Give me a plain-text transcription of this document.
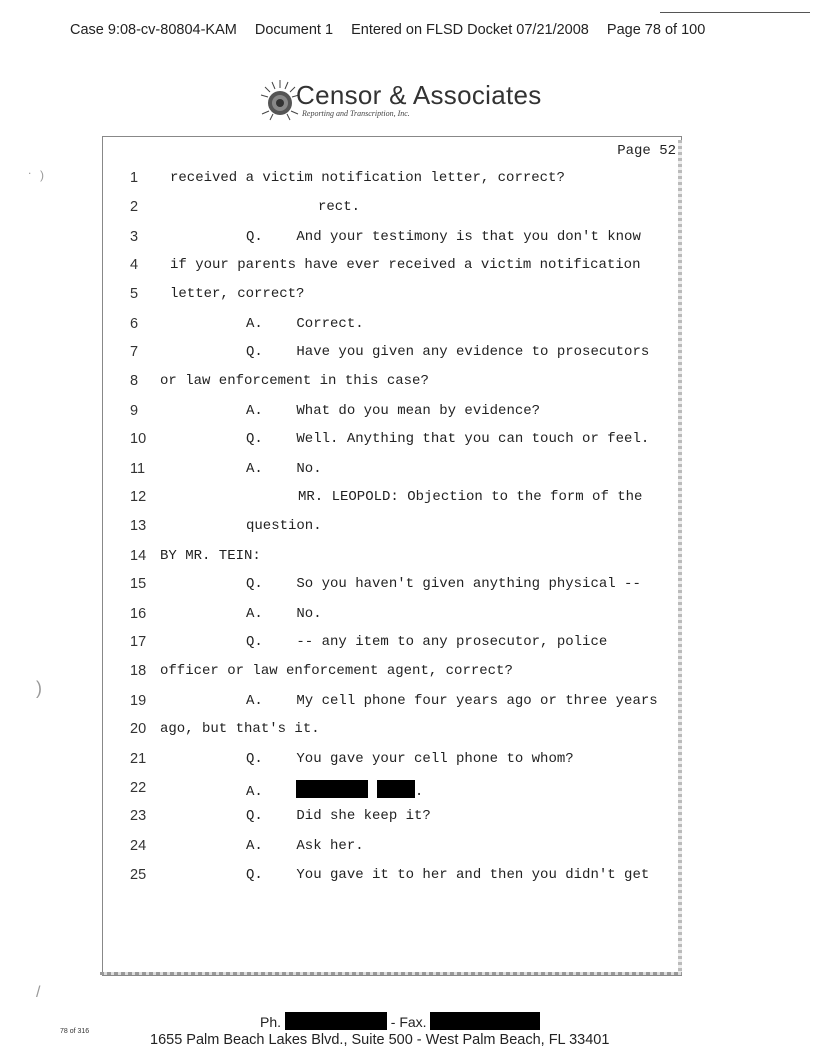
Case 9:08-cv-80804-KAM Document 1 Entered on FLSD Docket 07/21/2008 Page 78 of 100
Censor & Associates
Reporting and Transcription, Inc.
. )
)
/
Page 52
1	received a victim notification letter, correct?
2	rect.
3	Q.    And your testimony is that you don't know
4	if your parents have ever received a victim notification
5	letter, correct?
6	A.    Correct.
7	Q.    Have you given any evidence to prosecutors
8	or law enforcement in this case?
9	A.    What do you mean by evidence?
10	Q.    Well. Anything that you can touch or feel.
11	A.    No.
12	MR. LEOPOLD: Objection to the form of the
13	question.
14 BY MR. TEIN:
15	Q.    So you haven't given anything physical --
16	A.    No.
17	Q.    -- any item to any prosecutor, police
18 officer or law enforcement agent, correct?
19	A.    My cell phone four years ago or three years
20 ago, but that's it.
21	Q.    You gave your cell phone to whom?
22	A.	.
23	Q.    Did she keep it?
24	A.    Ask her.
25	Q.    You gave it to her and then you didn't get
Ph.	- Fax.
78 of 316
1655 Palm Beach Lakes Blvd., Suite 500 - West Palm Beach, FL 33401
